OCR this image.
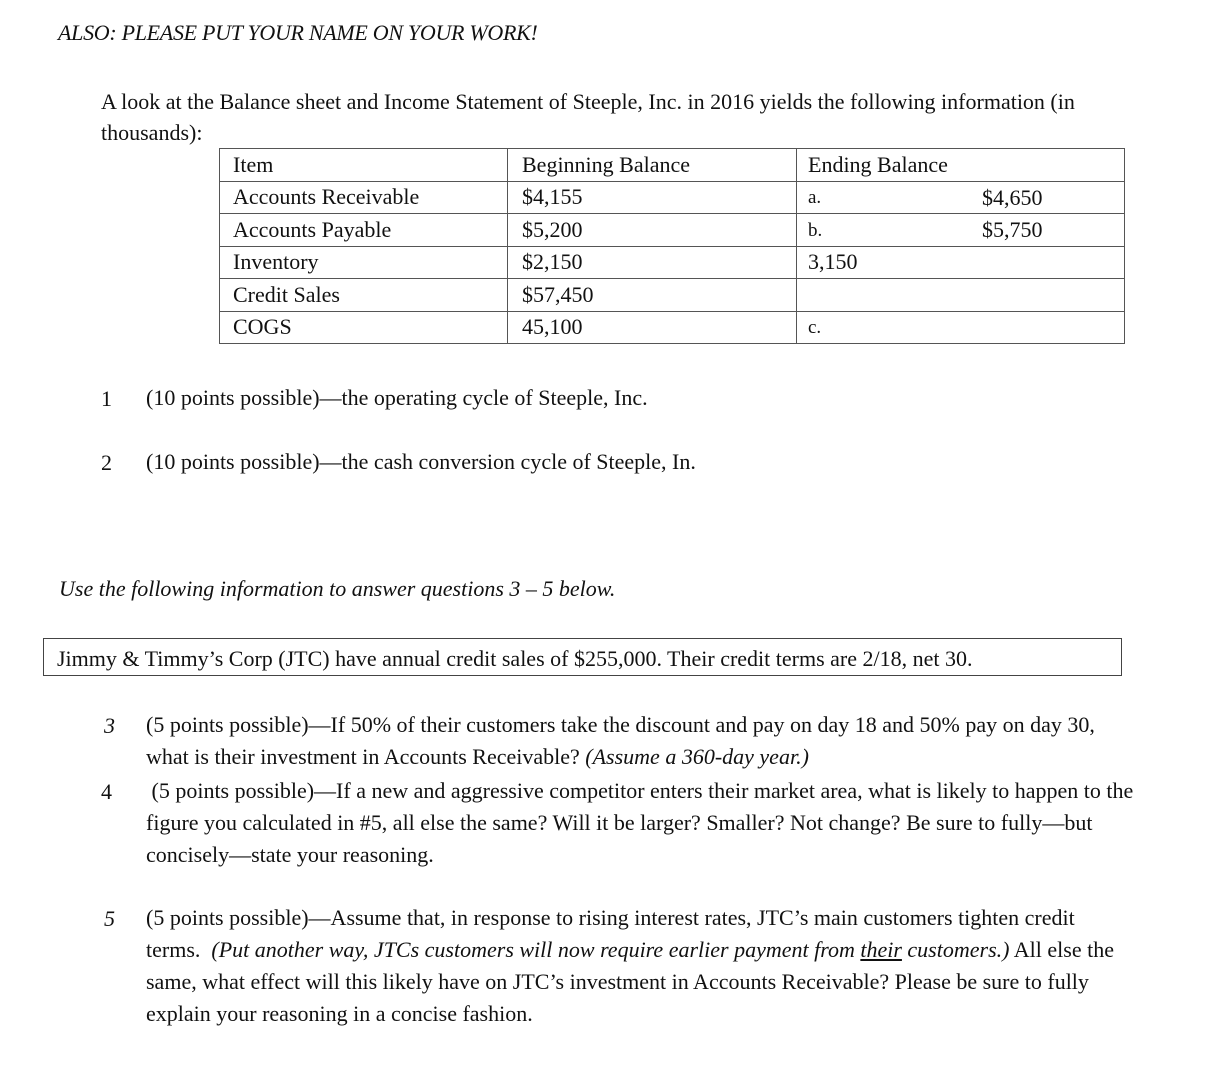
ALSO: PLEASE PUT YOUR NAME ON YOUR WORK!
A look at the Balance sheet and Income Statement of Steeple, Inc. in 2016 yields the following information (in thousands):
Item	Beginning Balance	Ending Balance
Accounts Receivable	$4,155	a. $4,650

Accounts Payable	$5,200	b. $5,750

Inventory	$2,150	3,150
Credit Sales	$57,450	
COGS	45,100	c.
1 (10 points possible)—the operating cycle of Steeple, Inc.
2 (10 points possible)—the cash conversion cycle of Steeple, In.
Use the following information to answer questions 3 – 5 below.
Jimmy & Timmy’s Corp (JTC) have annual credit sales of $255,000. Their credit terms are 2/18, net 30.
3 (5 points possible)—If 50% of their customers take the discount and pay on day 18 and 50% pay on day 30, what is their investment in Accounts Receivable? (Assume a 360-day year.)
4 (5 points possible)—If a new and aggressive competitor enters their market area, what is likely to happen to the figure you calculated in #5, all else the same? Will it be larger? Smaller? Not change? Be sure to fully—but concisely—state your reasoning.
5 (5 points possible)—Assume that, in response to rising interest rates, JTC’s main customers tighten credit terms. (Put another way, JTCs customers will now require earlier payment from their customers.) All else the same, what effect will this likely have on JTC’s investment in Accounts Receivable? Please be sure to fully explain your reasoning in a concise fashion.
